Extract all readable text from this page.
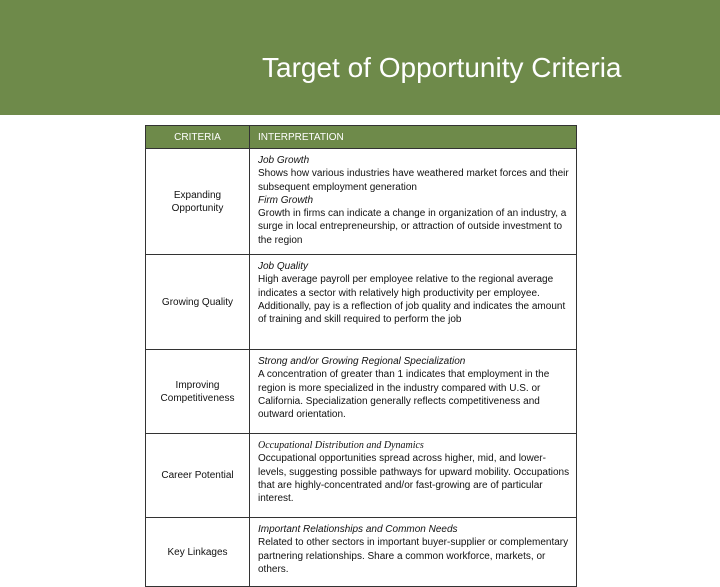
Target of Opportunity Criteria
CRITERIA	INTERPRETATION
Expanding Opportunity	Job Growth
Shows how various industries have weathered market forces and their subsequent employment generation
Firm Growth
Growth in firms can indicate a change in organization of an industry, a surge in local entrepreneurship, or attraction of outside investment to the region

Growing Quality	Job Quality
High average payroll per employee relative to the regional average indicates a sector with relatively high productivity per employee. Additionally, pay is a reflection of job quality and indicates the amount of training and skill required to perform the job

Improving Competitiveness	Strong and/or Growing Regional Specialization
A concentration of greater than 1 indicates that employment in the region is more specialized in the industry compared with U.S. or California. Specialization generally reflects competitiveness and outward orientation.

Career Potential	Occupational Distribution and Dynamics
Occupational opportunities spread across higher, mid, and lower-levels, suggesting possible pathways for upward mobility. Occupations that are highly-concentrated and/or fast-growing are of particular interest.

Key Linkages	Important Relationships and Common Needs
Related to other sectors in important buyer-supplier or complementary partnering relationships. Share a common workforce, markets, or others.
